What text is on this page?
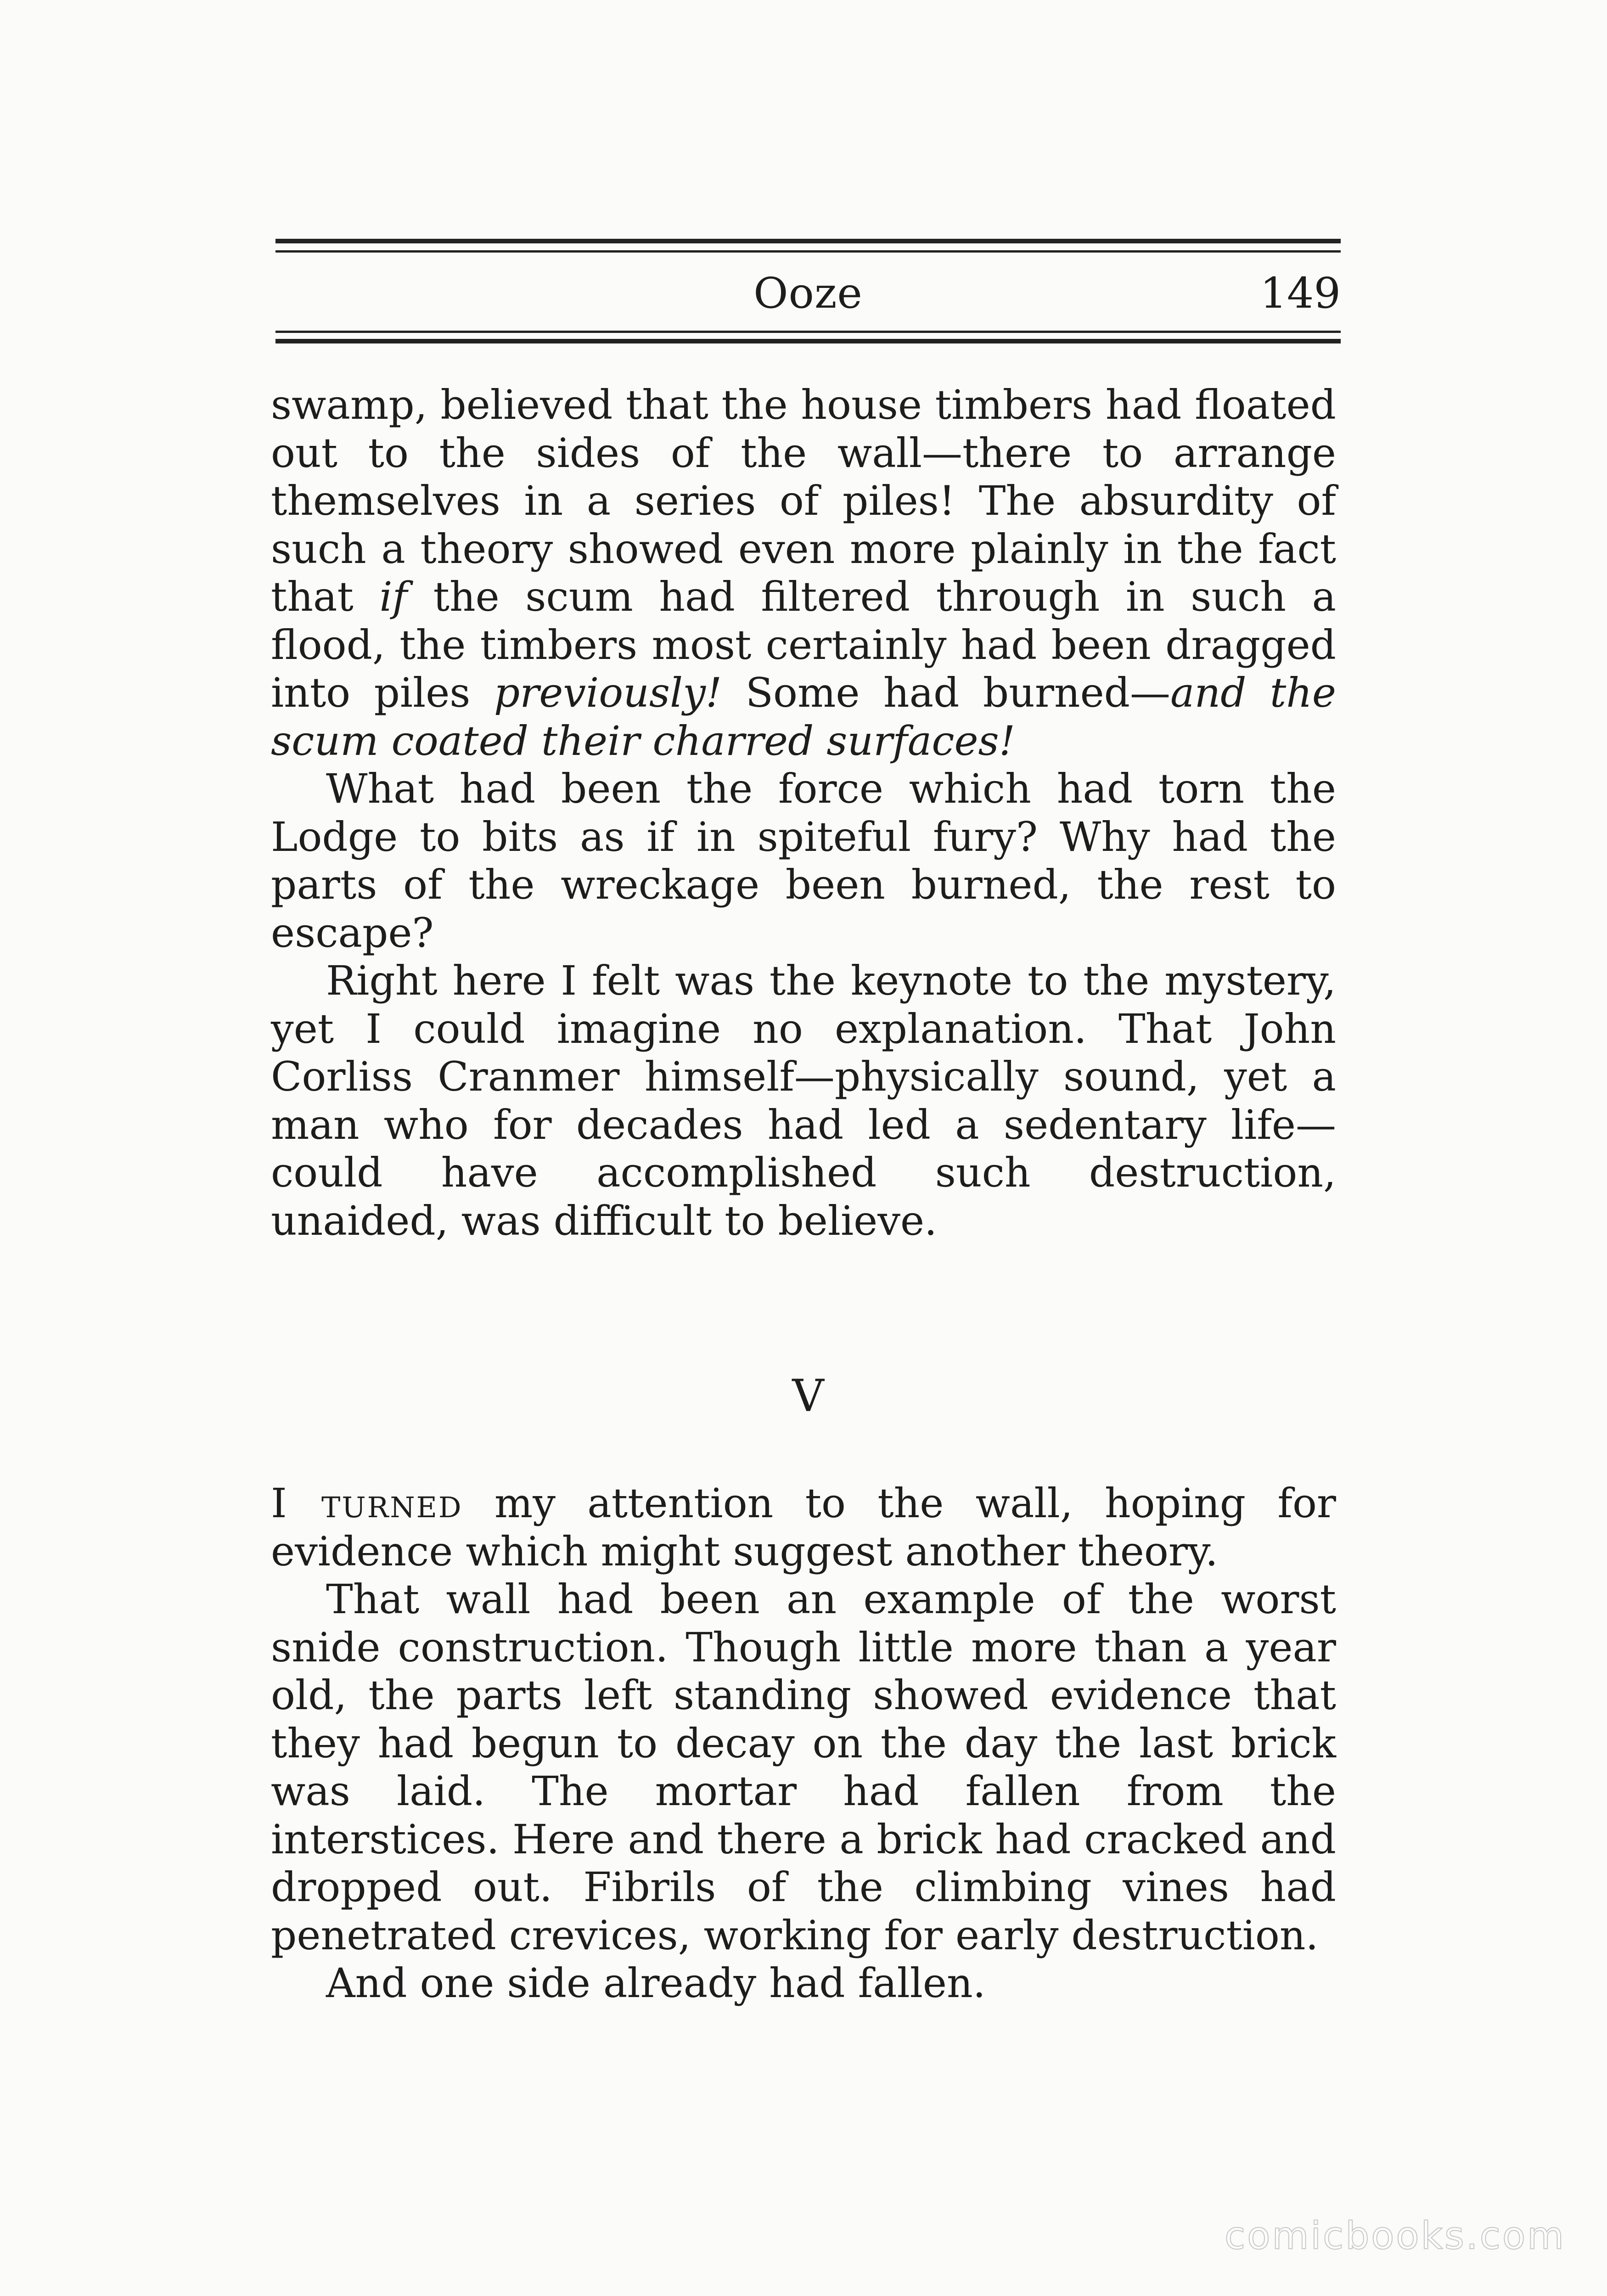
Ooze	149

swamp, believed that the house timbers had floated out to the sides of the wall—there to arrange themselves in a series of piles! The absurdity of such a theory showed even more plainly in the fact that if the scum had filtered through in such a flood, the timbers most certainly had been dragged into piles previously! Some had burned—and the scum coated their charred surfaces!

What had been the force which had torn the Lodge to bits as if in spiteful fury? Why had the parts of the wreckage been burned, the rest to escape?

Right here I felt was the keynote to the mystery, yet I could imagine no explanation. That John Corliss Cranmer himself—physically sound, yet a man who for decades had led a sedentary life—could have accomplished such destruction, unaided, was difficult to believe.

V

I turned my attention to the wall, hoping for evidence which might suggest another theory.

That wall had been an example of the worst snide construction. Though little more than a year old, the parts left standing showed evidence that they had begun to decay on the day the last brick was laid. The mortar had fallen from the interstices. Here and there a brick had cracked and dropped out. Fibrils of the climbing vines had penetrated crevices, working for early destruction.

And one side already had fallen.

comicbooks.com
